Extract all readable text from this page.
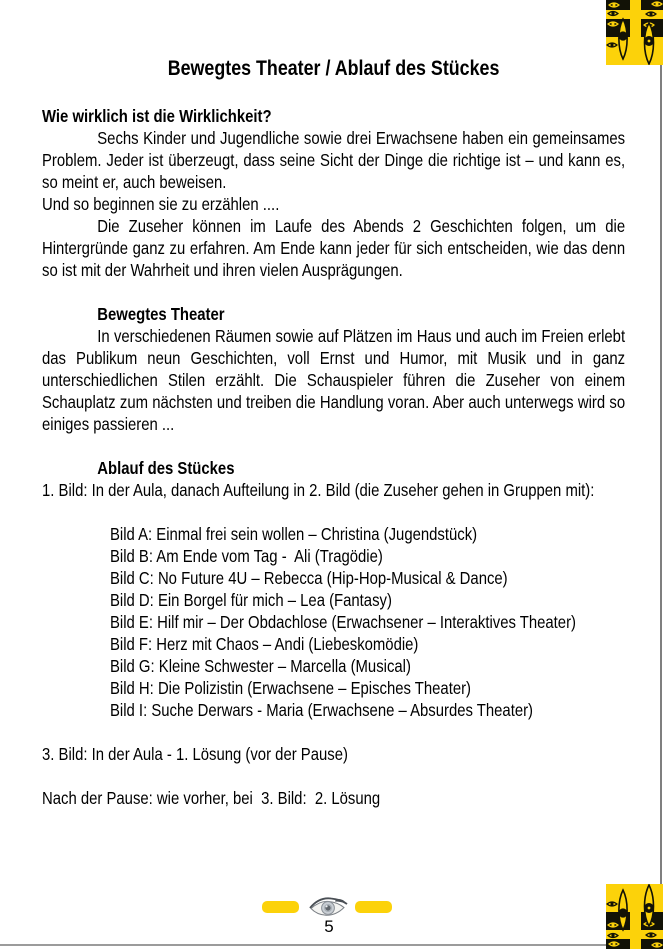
Bewegtes Theater / Ablauf des Stückes
Wie wirklich ist die Wirklichkeit?

Sechs Kinder und Jugendliche sowie drei Erwachsene haben ein gemeinsames Problem. Jeder ist überzeugt, dass seine Sicht der Dinge die richtige ist – und kann es, so meint er, auch beweisen.

Und so beginnen sie zu erzählen ....

Die Zuseher können im Laufe des Abends 2 Geschichten folgen, um die Hintergründe ganz zu erfahren. Am Ende kann jeder für sich entscheiden, wie das denn so ist mit der Wahrheit und ihren vielen Ausprägungen.

Bewegtes Theater

In verschiedenen Räumen sowie auf Plätzen im Haus und auch im Freien erlebt das Publikum neun Geschichten, voll Ernst und Humor, mit Musik und in ganz unterschiedlichen Stilen erzählt. Die Schauspieler führen die Zuseher von einem Schauplatz zum nächsten und treiben die Handlung voran. Aber auch unterwegs wird so einiges passieren ...

Ablauf des Stückes

1. Bild: In der Aula, danach Aufteilung in 2. Bild (die Zuseher gehen in Gruppen mit):

Bild A: Einmal frei sein wollen – Christina (Jugendstück)
Bild B: Am Ende vom Tag -  Ali (Tragödie)
Bild C: No Future 4U – Rebecca (Hip-Hop-Musical & Dance)
Bild D: Ein Borgel für mich – Lea (Fantasy)
Bild E: Hilf mir – Der Obdachlose (Erwachsener – Interaktives Theater)
Bild F: Herz mit Chaos – Andi (Liebeskomödie)
Bild G: Kleine Schwester – Marcella (Musical)
Bild H: Die Polizistin (Erwachsene – Episches Theater)
Bild I: Suche Derwars - Maria (Erwachsene – Absurdes Theater)
3. Bild: In der Aula - 1. Lösung (vor der Pause)
Nach der Pause: wie vorher, bei  3. Bild:  2. Lösung
5
